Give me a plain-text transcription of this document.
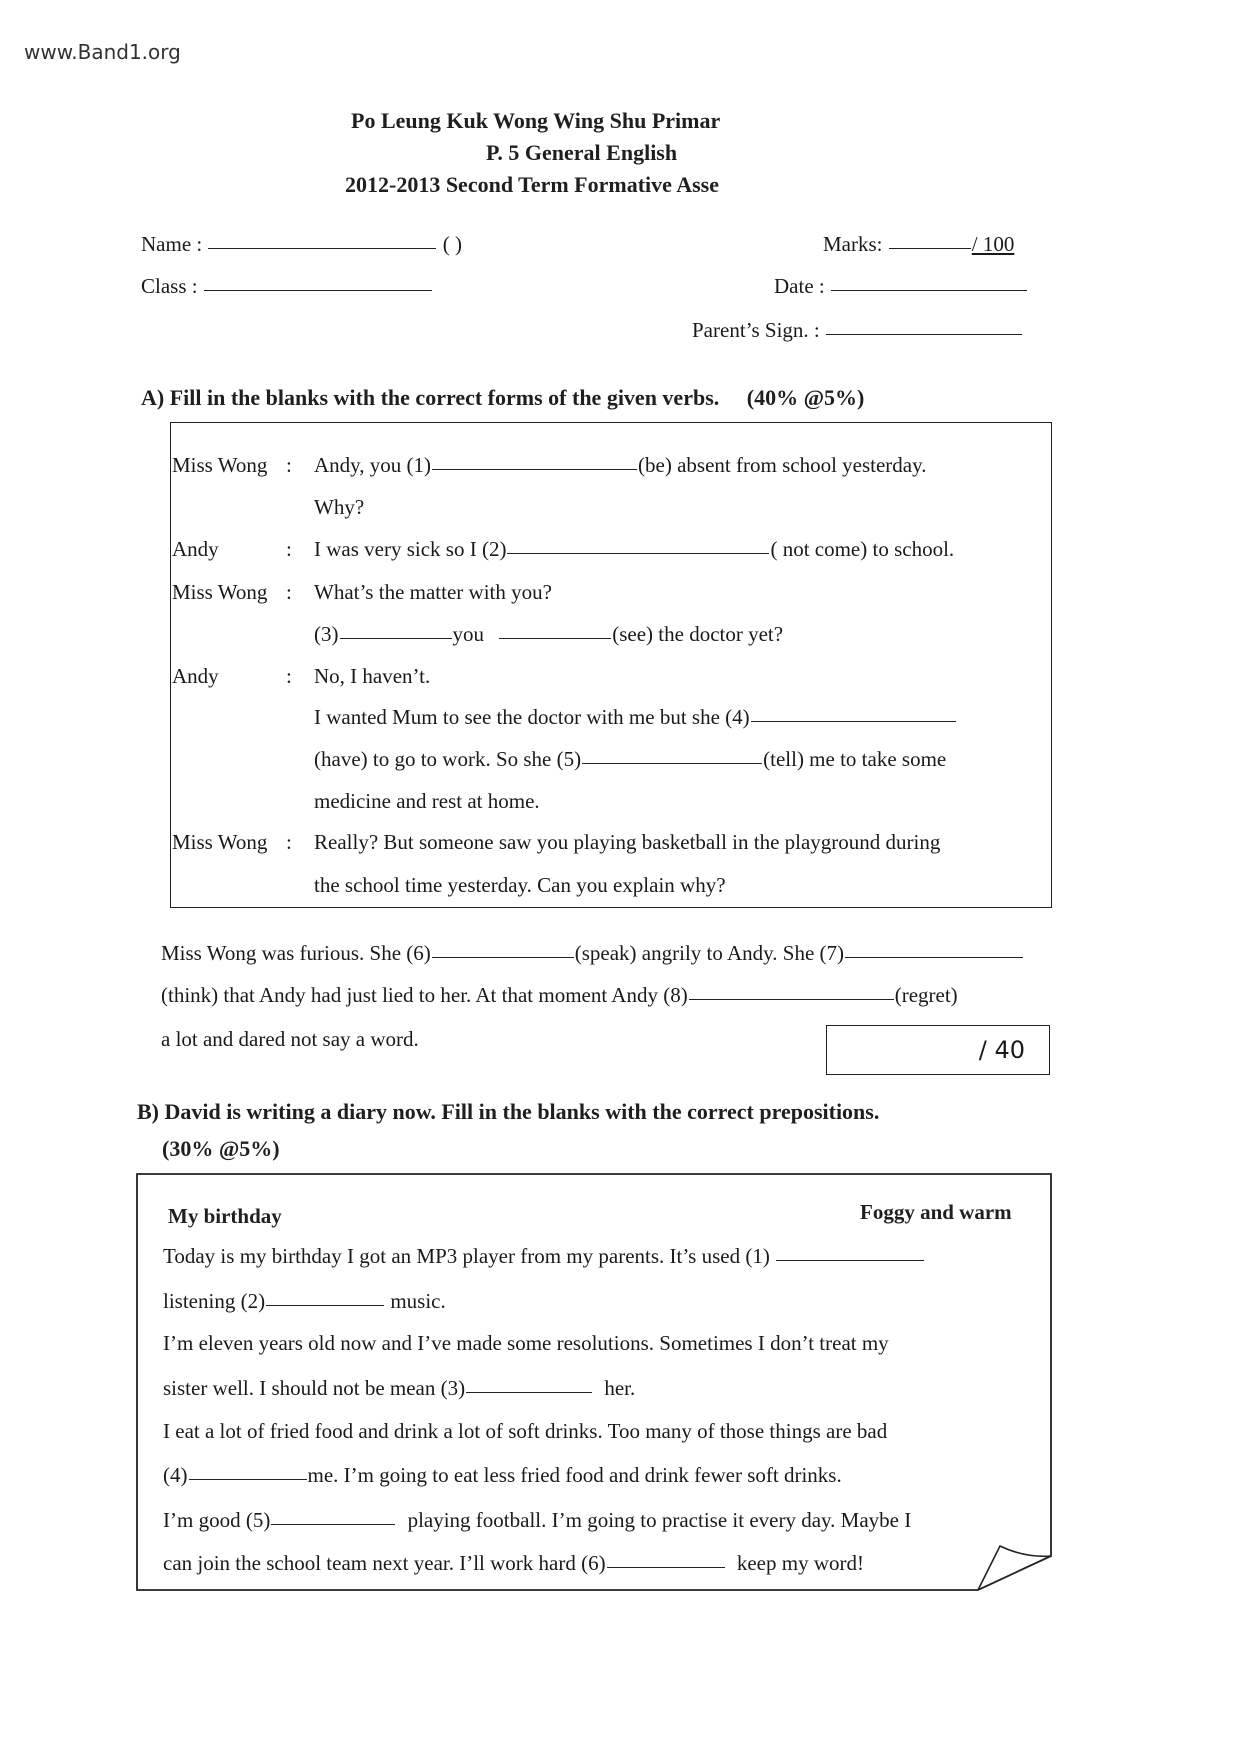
www.Band1.org
Po Leung Kuk Wong Wing Shu Primar
P. 5 General English
2012-2013 Second Term Formative Asse
Name :	( )
Class :
Marks:	/ 100
Date :
Parent’s Sign. :
A) Fill in the blanks with the correct forms of the given verbs. (40% @5%)
Miss Wong : Andy, you (1)	(be) absent from school yesterday.
Why?
Andy	: I was very sick so I (2)	( not come) to school.
Miss Wong : What’s the matter with you?
(3)	you	(see) the doctor yet?
Andy	: No, I haven’t.
I wanted Mum to see the doctor with me but she (4)
(have) to go to work. So she (5)	(tell) me to take some
medicine and rest at home.
Miss Wong : Really? But someone saw you playing basketball in the playground during
the school time yesterday. Can you explain why?
Miss Wong was furious. She (6)	(speak) angrily to Andy. She (7)
(think) that Andy had just lied to her. At that moment Andy (8)	(regret)
a lot and dared not say a word.	/ 40
B) David is writing a diary now. Fill in the blanks with the correct prepositions.
(30% @5%)
My birthday	Foggy and warm
Today is my birthday I got an MP3 player from my parents. It’s used (1)
listening (2)	music.
I’m eleven years old now and I’ve made some resolutions. Sometimes I don’t treat my
sister well. I should not be mean (3)	her.
I eat a lot of fried food and drink a lot of soft drinks. Too many of those things are bad
(4)	me. I’m going to eat less fried food and drink fewer soft drinks.
I’m good (5)	playing football. I’m going to practise it every day. Maybe I
can join the school team next year. I’ll work hard (6)	keep my word!
